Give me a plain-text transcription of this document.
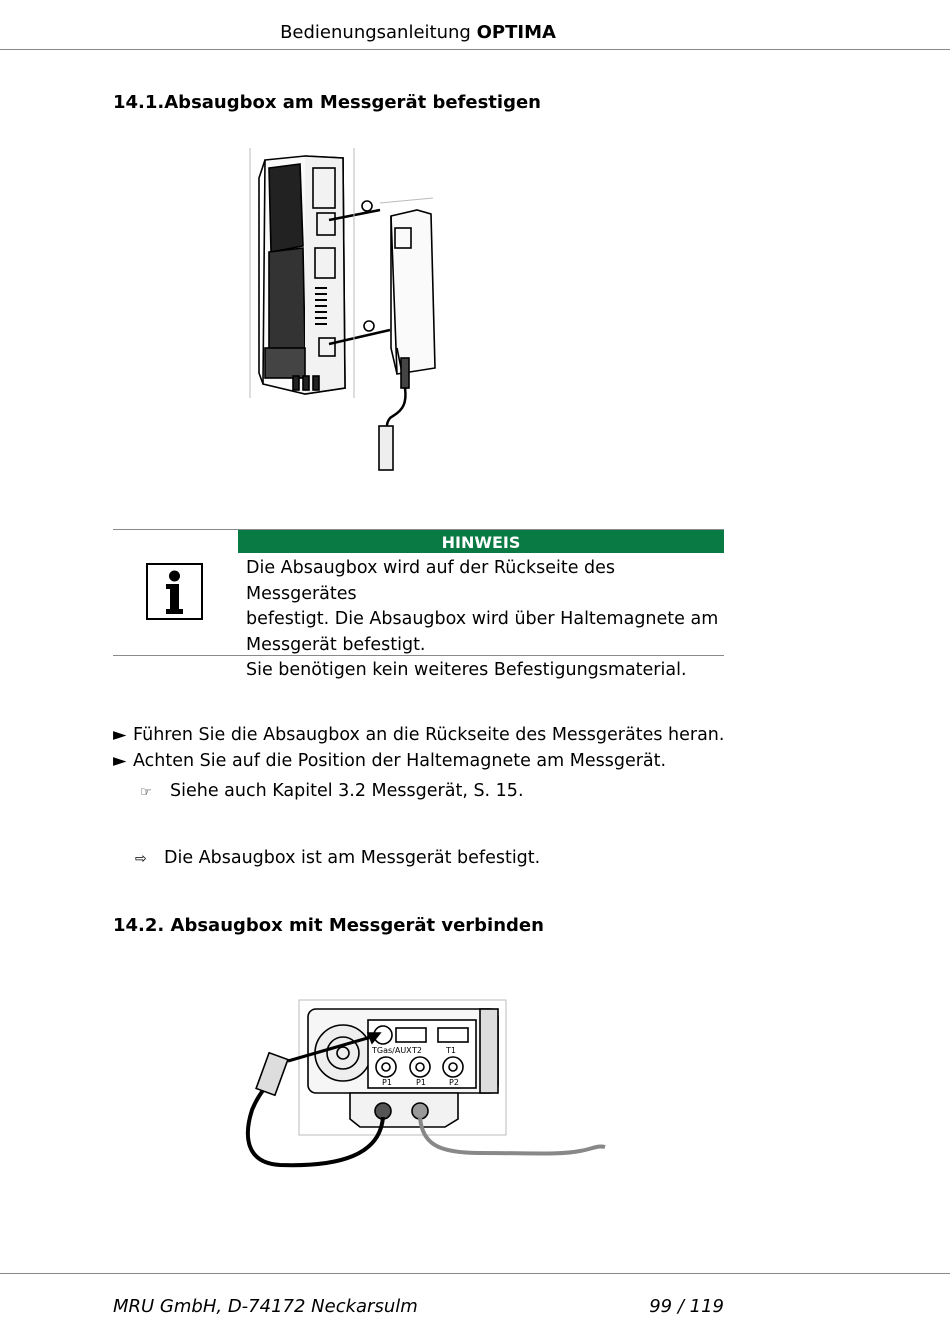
Bedienungsanleitung OPTIMA
14.1.Absaugbox am Messgerät befestigen
HINWEIS
Die Absaugbox wird auf der Rückseite des Messgerätes
befestigt. Die Absaugbox wird über Haltemagnete am
Messgerät befestigt.
Sie benötigen kein weiteres Befestigungsmaterial.
► Führen Sie die Absaugbox an die Rückseite des Messgerätes heran.
► Achten Sie auf die Position der Haltemagnete am Messgerät.
☞ Siehe auch Kapitel 3.2 Messgerät, S. 15.
⇨ Die Absaugbox ist am Messgerät befestigt.
14.2. Absaugbox mit Messgerät verbinden
TGas/AUX T2	T1
P1	P1	P2
MRU GmbH, D-74172 Neckarsulm	99 / 119
